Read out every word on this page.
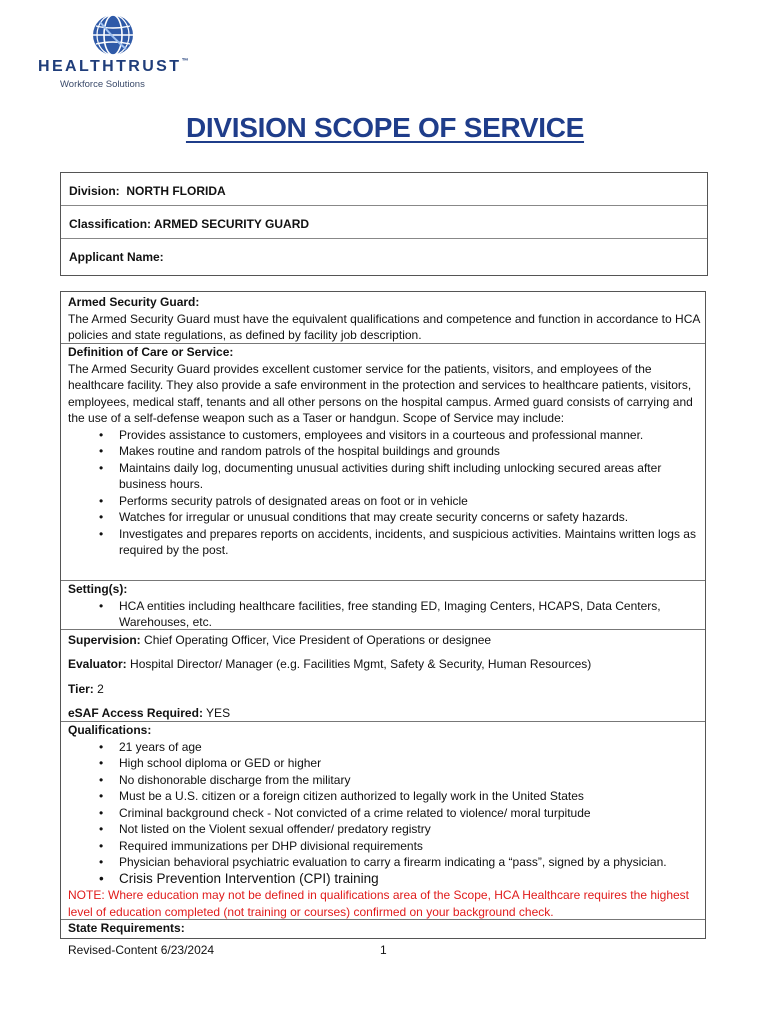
HEALTHTRUST™
Workforce Solutions
DIVISION SCOPE OF SERVICE
Division: NORTH FLORIDA
Classification: ARMED SECURITY GUARD
Applicant Name:
Armed Security Guard:

The Armed Security Guard must have the equivalent qualifications and competence and function in accordance to HCA policies and state regulations, as defined by facility job description.

Definition of Care or Service:

The Armed Security Guard provides excellent customer service for the patients, visitors, and employees of the healthcare facility. They also provide a safe environment in the protection and services to healthcare patients, visitors, employees, medical staff, tenants and all other persons on the hospital campus. Armed guard consists of carrying and the use of a self-defense weapon such as a Taser or handgun. Scope of Service may include:

• Provides assistance to customers, employees and visitors in a courteous and professional manner.
• Makes routine and random patrols of the hospital buildings and grounds
• Maintains daily log, documenting unusual activities during shift including unlocking secured areas after business hours.
• Performs security patrols of designated areas on foot or in vehicle
• Watches for irregular or unusual conditions that may create security concerns or safety hazards.
• Investigates and prepares reports on accidents, incidents, and suspicious activities. Maintains written logs as required by the post.
Setting(s):
• HCA entities including healthcare facilities, free standing ED, Imaging Centers, HCAPS, Data Centers, Warehouses, etc.
Supervision: Chief Operating Officer, Vice President of Operations or designee
Evaluator: Hospital Director/ Manager (e.g. Facilities Mgmt, Safety & Security, Human Resources)
Tier: 2
eSAF Access Required: YES
Qualifications:
• 21 years of age
• High school diploma or GED or higher
• No dishonorable discharge from the military
• Must be a U.S. citizen or a foreign citizen authorized to legally work in the United States
• Criminal background check - Not convicted of a crime related to violence/ moral turpitude
• Not listed on the Violent sexual offender/ predatory registry
• Required immunizations per DHP divisional requirements
• Physician behavioral psychiatric evaluation to carry a firearm indicating a “pass”, signed by a physician.
• Crisis Prevention Intervention (CPI) training

NOTE: Where education may not be defined in qualifications area of the Scope, HCA Healthcare requires the highest level of education completed (not training or courses) confirmed on your background check.

State Requirements:
Revised-Content 6/23/2024	1
